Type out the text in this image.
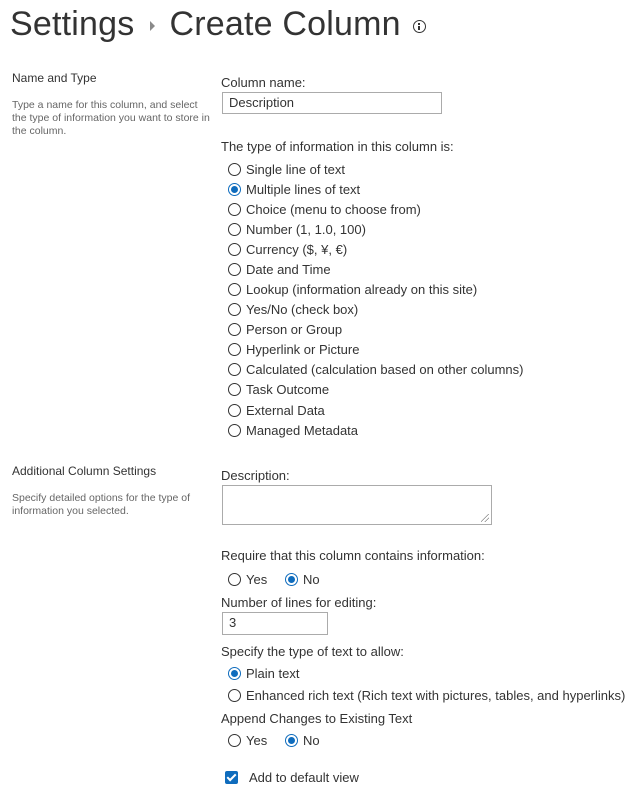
Settings Create Column
Name and Type
Type a name for this column, and select the type of information you want to store in the column.
Column name:
Description
The type of information in this column is:
Single line of text
Multiple lines of text
Choice (menu to choose from)
Number (1, 1.0, 100)
Currency ($, ¥, €)
Date and Time
Lookup (information already on this site)
Yes/No (check box)
Person or Group
Hyperlink or Picture
Calculated (calculation based on other columns)
Task Outcome
External Data
Managed Metadata
Additional Column Settings
Specify detailed options for the type of information you selected.
Description:
Require that this column contains information:
Yes	No
Number of lines for editing:
3
Specify the type of text to allow:
Plain text
Enhanced rich text (Rich text with pictures, tables, and hyperlinks)
Append Changes to Existing Text
Yes	No
Add to default view
